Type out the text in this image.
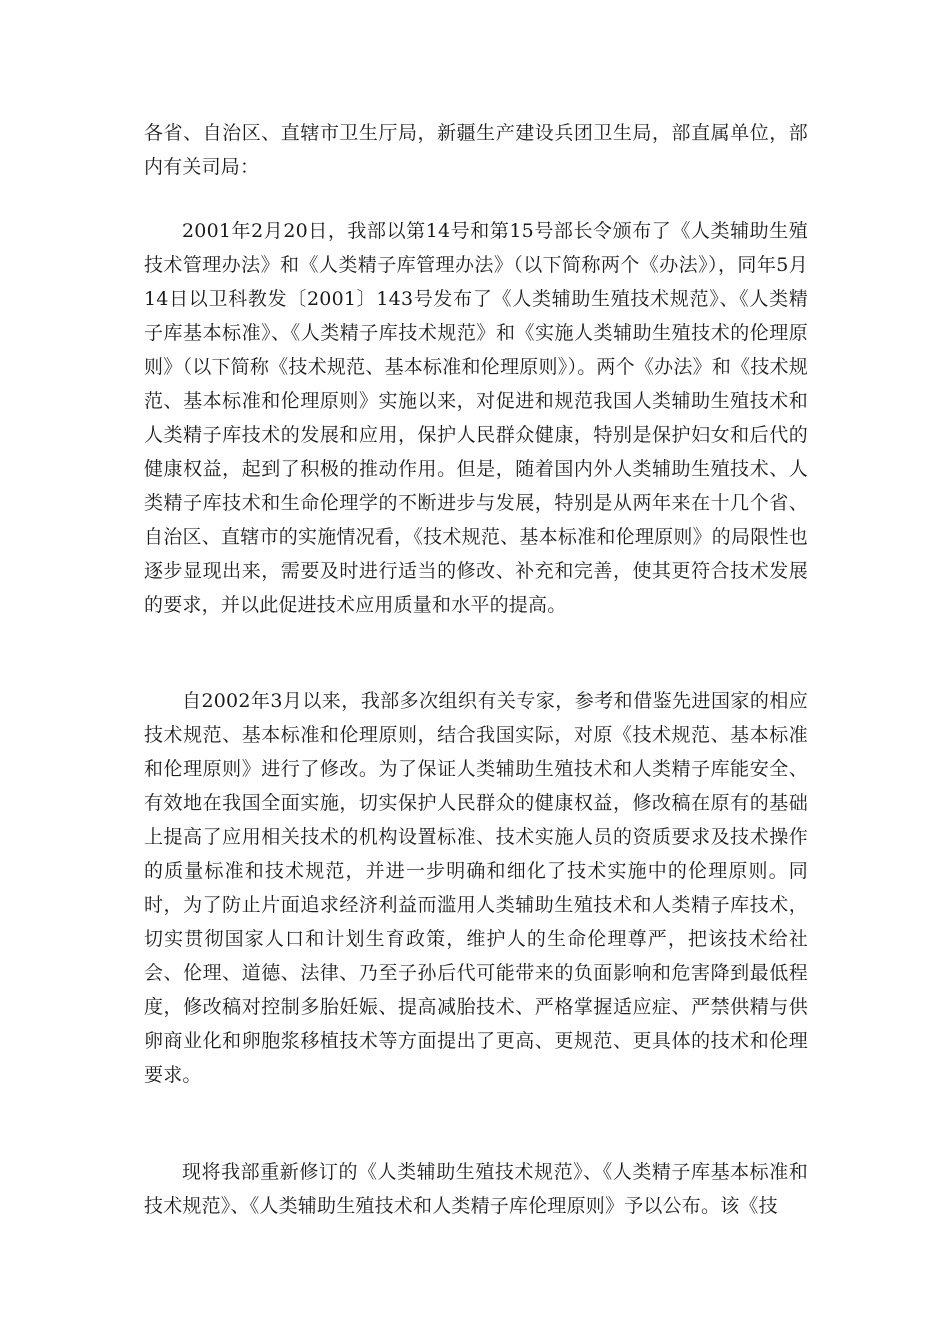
各省、自治区、直辖市卫生厅局，新疆生产建设兵团卫生局，部直属单位，部内有关司局：

2001年2月20日，我部以第14号和第15号部长令颁布了《人类辅助生殖技术管理办法》和《人类精子库管理办法》（以下简称两个《办法》），同年5月14日以卫科教发〔2001〕143号发布了《人类辅助生殖技术规范》、《人类精子库基本标准》、《人类精子库技术规范》和《实施人类辅助生殖技术的伦理原则》（以下简称《技术规范、基本标准和伦理原则》）。两个《办法》和《技术规范、基本标准和伦理原则》实施以来，对促进和规范我国人类辅助生殖技术和人类精子库技术的发展和应用，保护人民群众健康，特别是保护妇女和后代的健康权益，起到了积极的推动作用。但是，随着国内外人类辅助生殖技术、人类精子库技术和生命伦理学的不断进步与发展，特别是从两年来在十几个省、自治区、直辖市的实施情况看，《技术规范、基本标准和伦理原则》的局限性也逐步显现出来，需要及时进行适当的修改、补充和完善，使其更符合技术发展的要求，并以此促进技术应用质量和水平的提高。

自2002年3月以来，我部多次组织有关专家，参考和借鉴先进国家的相应技术规范、基本标准和伦理原则，结合我国实际，对原《技术规范、基本标准和伦理原则》进行了修改。为了保证人类辅助生殖技术和人类精子库能安全、有效地在我国全面实施，切实保护人民群众的健康权益，修改稿在原有的基础上提高了应用相关技术的机构设置标准、技术实施人员的资质要求及技术操作的质量标准和技术规范，并进一步明确和细化了技术实施中的伦理原则。同时，为了防止片面追求经济利益而滥用人类辅助生殖技术和人类精子库技术，切实贯彻国家人口和计划生育政策，维护人的生命伦理尊严，把该技术给社会、伦理、道德、法律、乃至子孙后代可能带来的负面影响和危害降到最低程度，修改稿对控制多胎妊娠、提高减胎技术、严格掌握适应症、严禁供精与供卵商业化和卵胞浆移植技术等方面提出了更高、更规范、更具体的技术和伦理要求。

现将我部重新修订的《人类辅助生殖技术规范》、《人类精子库基本标准和技术规范》、《人类辅助生殖技术和人类精子库伦理原则》予以公布。该《技
